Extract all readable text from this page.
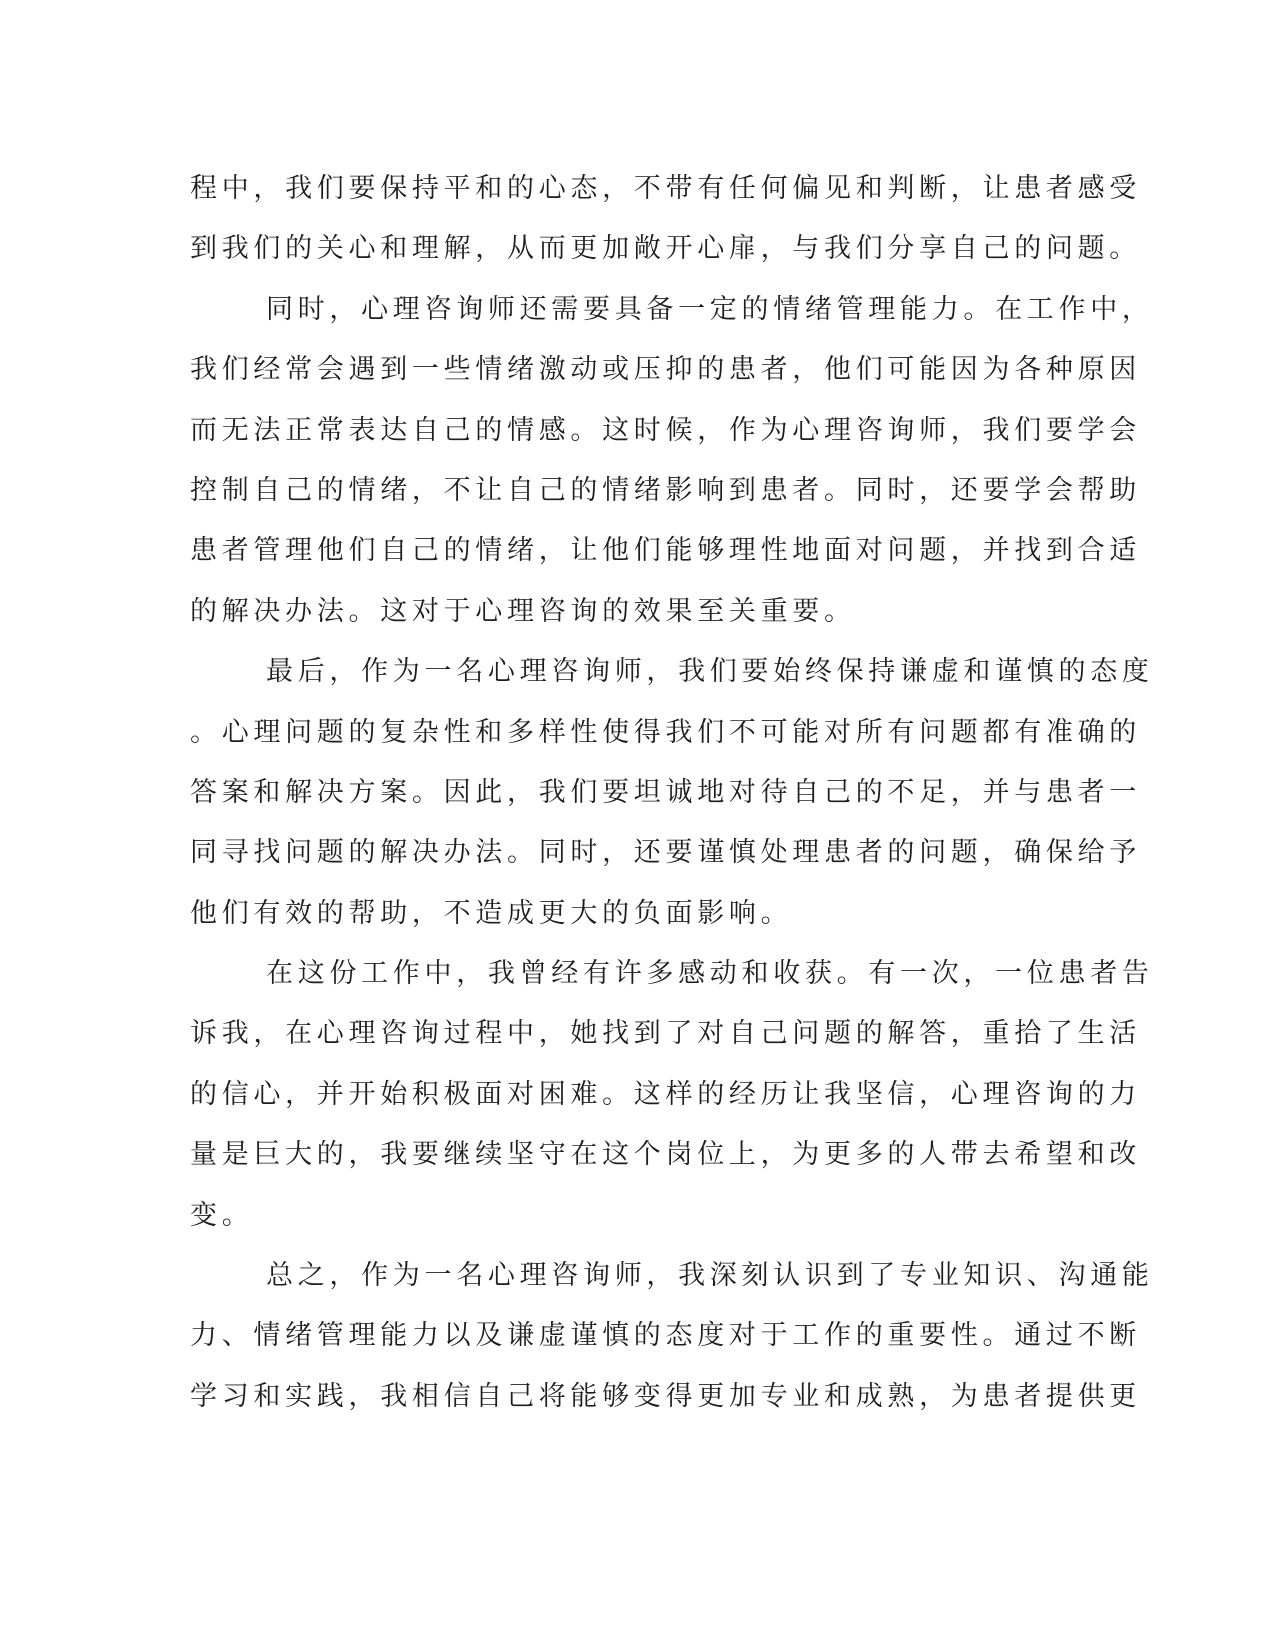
程中，我们要保持平和的心态，不带有任何偏见和判断，让患者感受
到我们的关心和理解，从而更加敞开心扉，与我们分享自己的问题。
同时，心理咨询师还需要具备一定的情绪管理能力。在工作中，
我们经常会遇到一些情绪激动或压抑的患者，他们可能因为各种原因
而无法正常表达自己的情感。这时候，作为心理咨询师，我们要学会
控制自己的情绪，不让自己的情绪影响到患者。同时，还要学会帮助
患者管理他们自己的情绪，让他们能够理性地面对问题，并找到合适
的解决办法。这对于心理咨询的效果至关重要。
最后，作为一名心理咨询师，我们要始终保持谦虚和谨慎的态度
。心理问题的复杂性和多样性使得我们不可能对所有问题都有准确的
答案和解决方案。因此，我们要坦诚地对待自己的不足，并与患者一
同寻找问题的解决办法。同时，还要谨慎处理患者的问题，确保给予
他们有效的帮助，不造成更大的负面影响。
在这份工作中，我曾经有许多感动和收获。有一次，一位患者告
诉我，在心理咨询过程中，她找到了对自己问题的解答，重拾了生活
的信心，并开始积极面对困难。这样的经历让我坚信，心理咨询的力
量是巨大的，我要继续坚守在这个岗位上，为更多的人带去希望和改
变。
总之，作为一名心理咨询师，我深刻认识到了专业知识、沟通能
力、情绪管理能力以及谦虚谨慎的态度对于工作的重要性。通过不断
学习和实践，我相信自己将能够变得更加专业和成熟，为患者提供更
